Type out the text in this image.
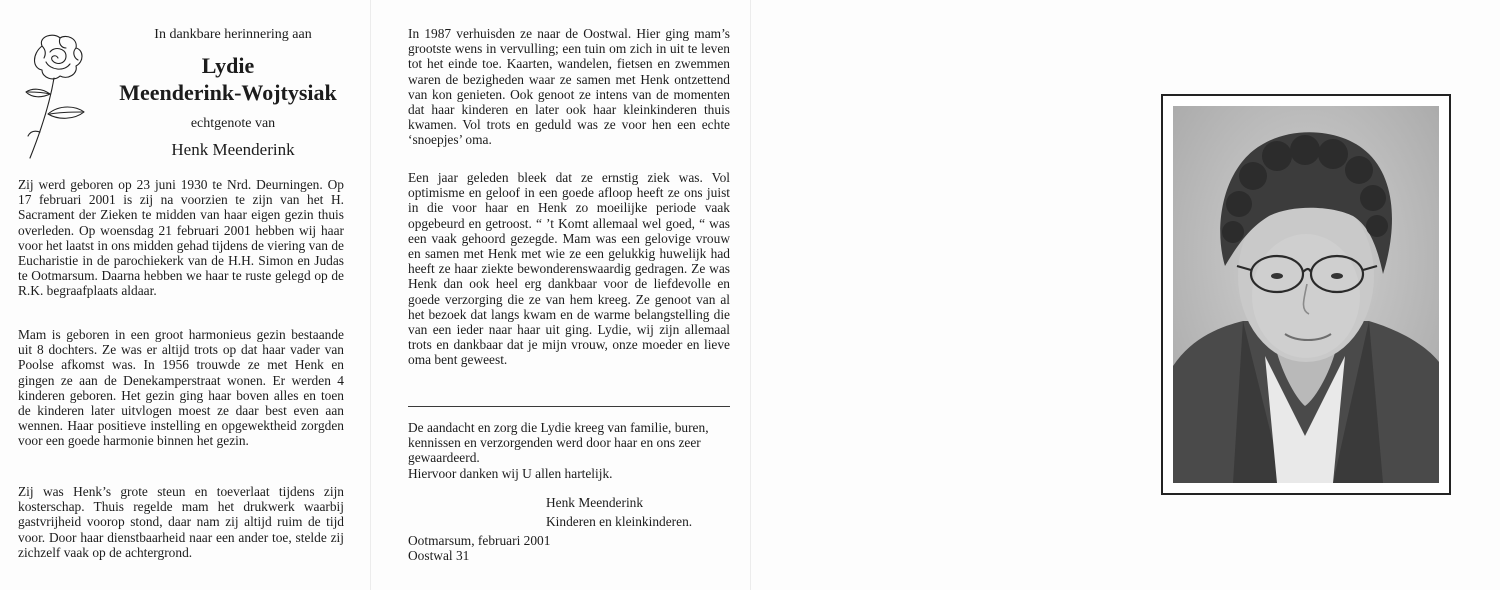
In dankbare herinnering aan

Lydie

Meenderink-Wojtysiak

echtgenote van

Henk Meenderink

Zij werd geboren op 23 juni 1930 te Nrd. Deurningen. Op 17 februari 2001 is zij na voorzien te zijn van het H. Sacrament der Zieken te midden van haar eigen gezin thuis overleden. Op woensdag 21 februari 2001 hebben wij haar voor het laatst in ons midden gehad tijdens de viering van de Eucharistie in de parochiekerk van de H.H. Simon en Judas te Ootmarsum. Daarna hebben we haar te ruste gelegd op de R.K. begraafplaats aldaar.

Mam is geboren in een groot harmonieus gezin bestaande uit 8 dochters. Ze was er altijd trots op dat haar vader van Poolse afkomst was. In 1956 trouwde ze met Henk en gingen ze aan de Denekamperstraat wonen. Er werden 4 kinderen geboren. Het gezin ging haar boven alles en toen de kinderen later uitvlogen moest ze daar best even aan wennen. Haar positieve instelling en opgewektheid zorgden voor een goede harmonie binnen het gezin.

Zij was Henk’s grote steun en toeverlaat tijdens zijn kosterschap. Thuis regelde mam het drukwerk waarbij gastvrijheid voorop stond, daar nam zij altijd ruim de tijd voor. Door haar dienstbaarheid naar een ander toe, stelde zij zichzelf vaak op de achtergrond.

In 1987 verhuisden ze naar de Oostwal. Hier ging mam’s grootste wens in vervulling; een tuin om zich in uit te leven tot het einde toe. Kaarten, wandelen, fietsen en zwemmen waren de bezigheden waar ze samen met Henk ontzettend van kon genieten. Ook genoot ze intens van de momenten dat haar kinderen en later ook haar kleinkinderen thuis kwamen. Vol trots en geduld was ze voor hen een echte ‘snoepjes’ oma.

Een jaar geleden bleek dat ze ernstig ziek was. Vol optimisme en geloof in een goede afloop heeft ze ons juist in die voor haar en Henk zo moeilijke periode vaak opgebeurd en getroost. “ ’t Komt allemaal wel goed, “ was een vaak gehoord gezegde. Mam was een gelovige vrouw en samen met Henk met wie ze een gelukkig huwelijk had heeft ze haar ziekte bewonderenswaardig gedragen. Ze was Henk dan ook heel erg dankbaar voor de liefdevolle en goede verzorging die ze van hem kreeg. Ze genoot van al het bezoek dat langs kwam en de warme belangstelling die van een ieder naar haar uit ging. Lydie, wij zijn allemaal trots en dankbaar dat je mijn vrouw, onze moeder en lieve oma bent geweest.

De aandacht en zorg die Lydie kreeg van familie, buren, kennissen en verzorgenden werd door haar en ons zeer gewaardeerd.
Hiervoor danken wij U allen hartelijk.
Henk Meenderink
Kinderen en kleinkinderen.
Ootmarsum, februari 2001
Oostwal 31
